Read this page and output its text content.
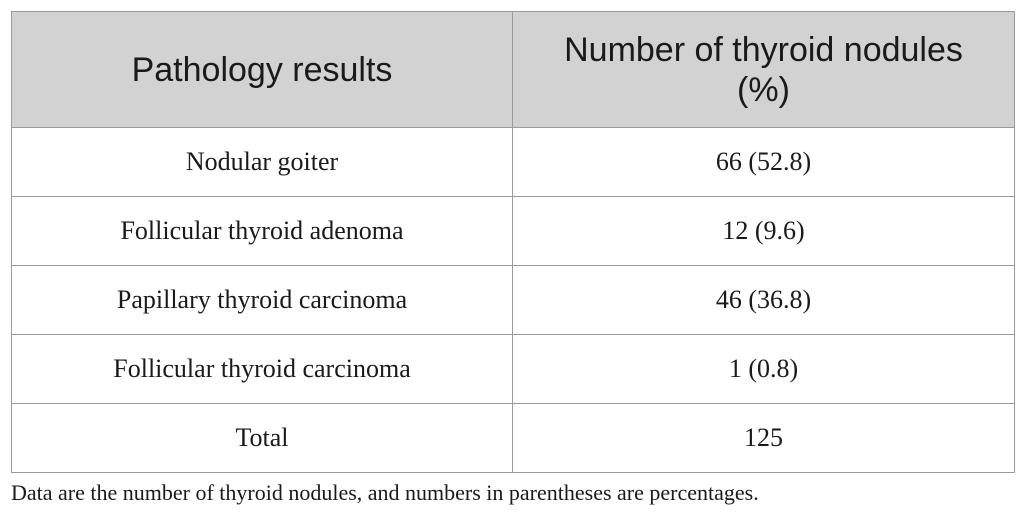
Pathology results	Number of thyroid nodules (%)
Nodular goiter	66 (52.8)
Follicular thyroid adenoma	12 (9.6)
Papillary thyroid carcinoma	46 (36.8)
Follicular thyroid carcinoma	1 (0.8)
Total	125
Data are the number of thyroid nodules, and numbers in parentheses are percentages.
